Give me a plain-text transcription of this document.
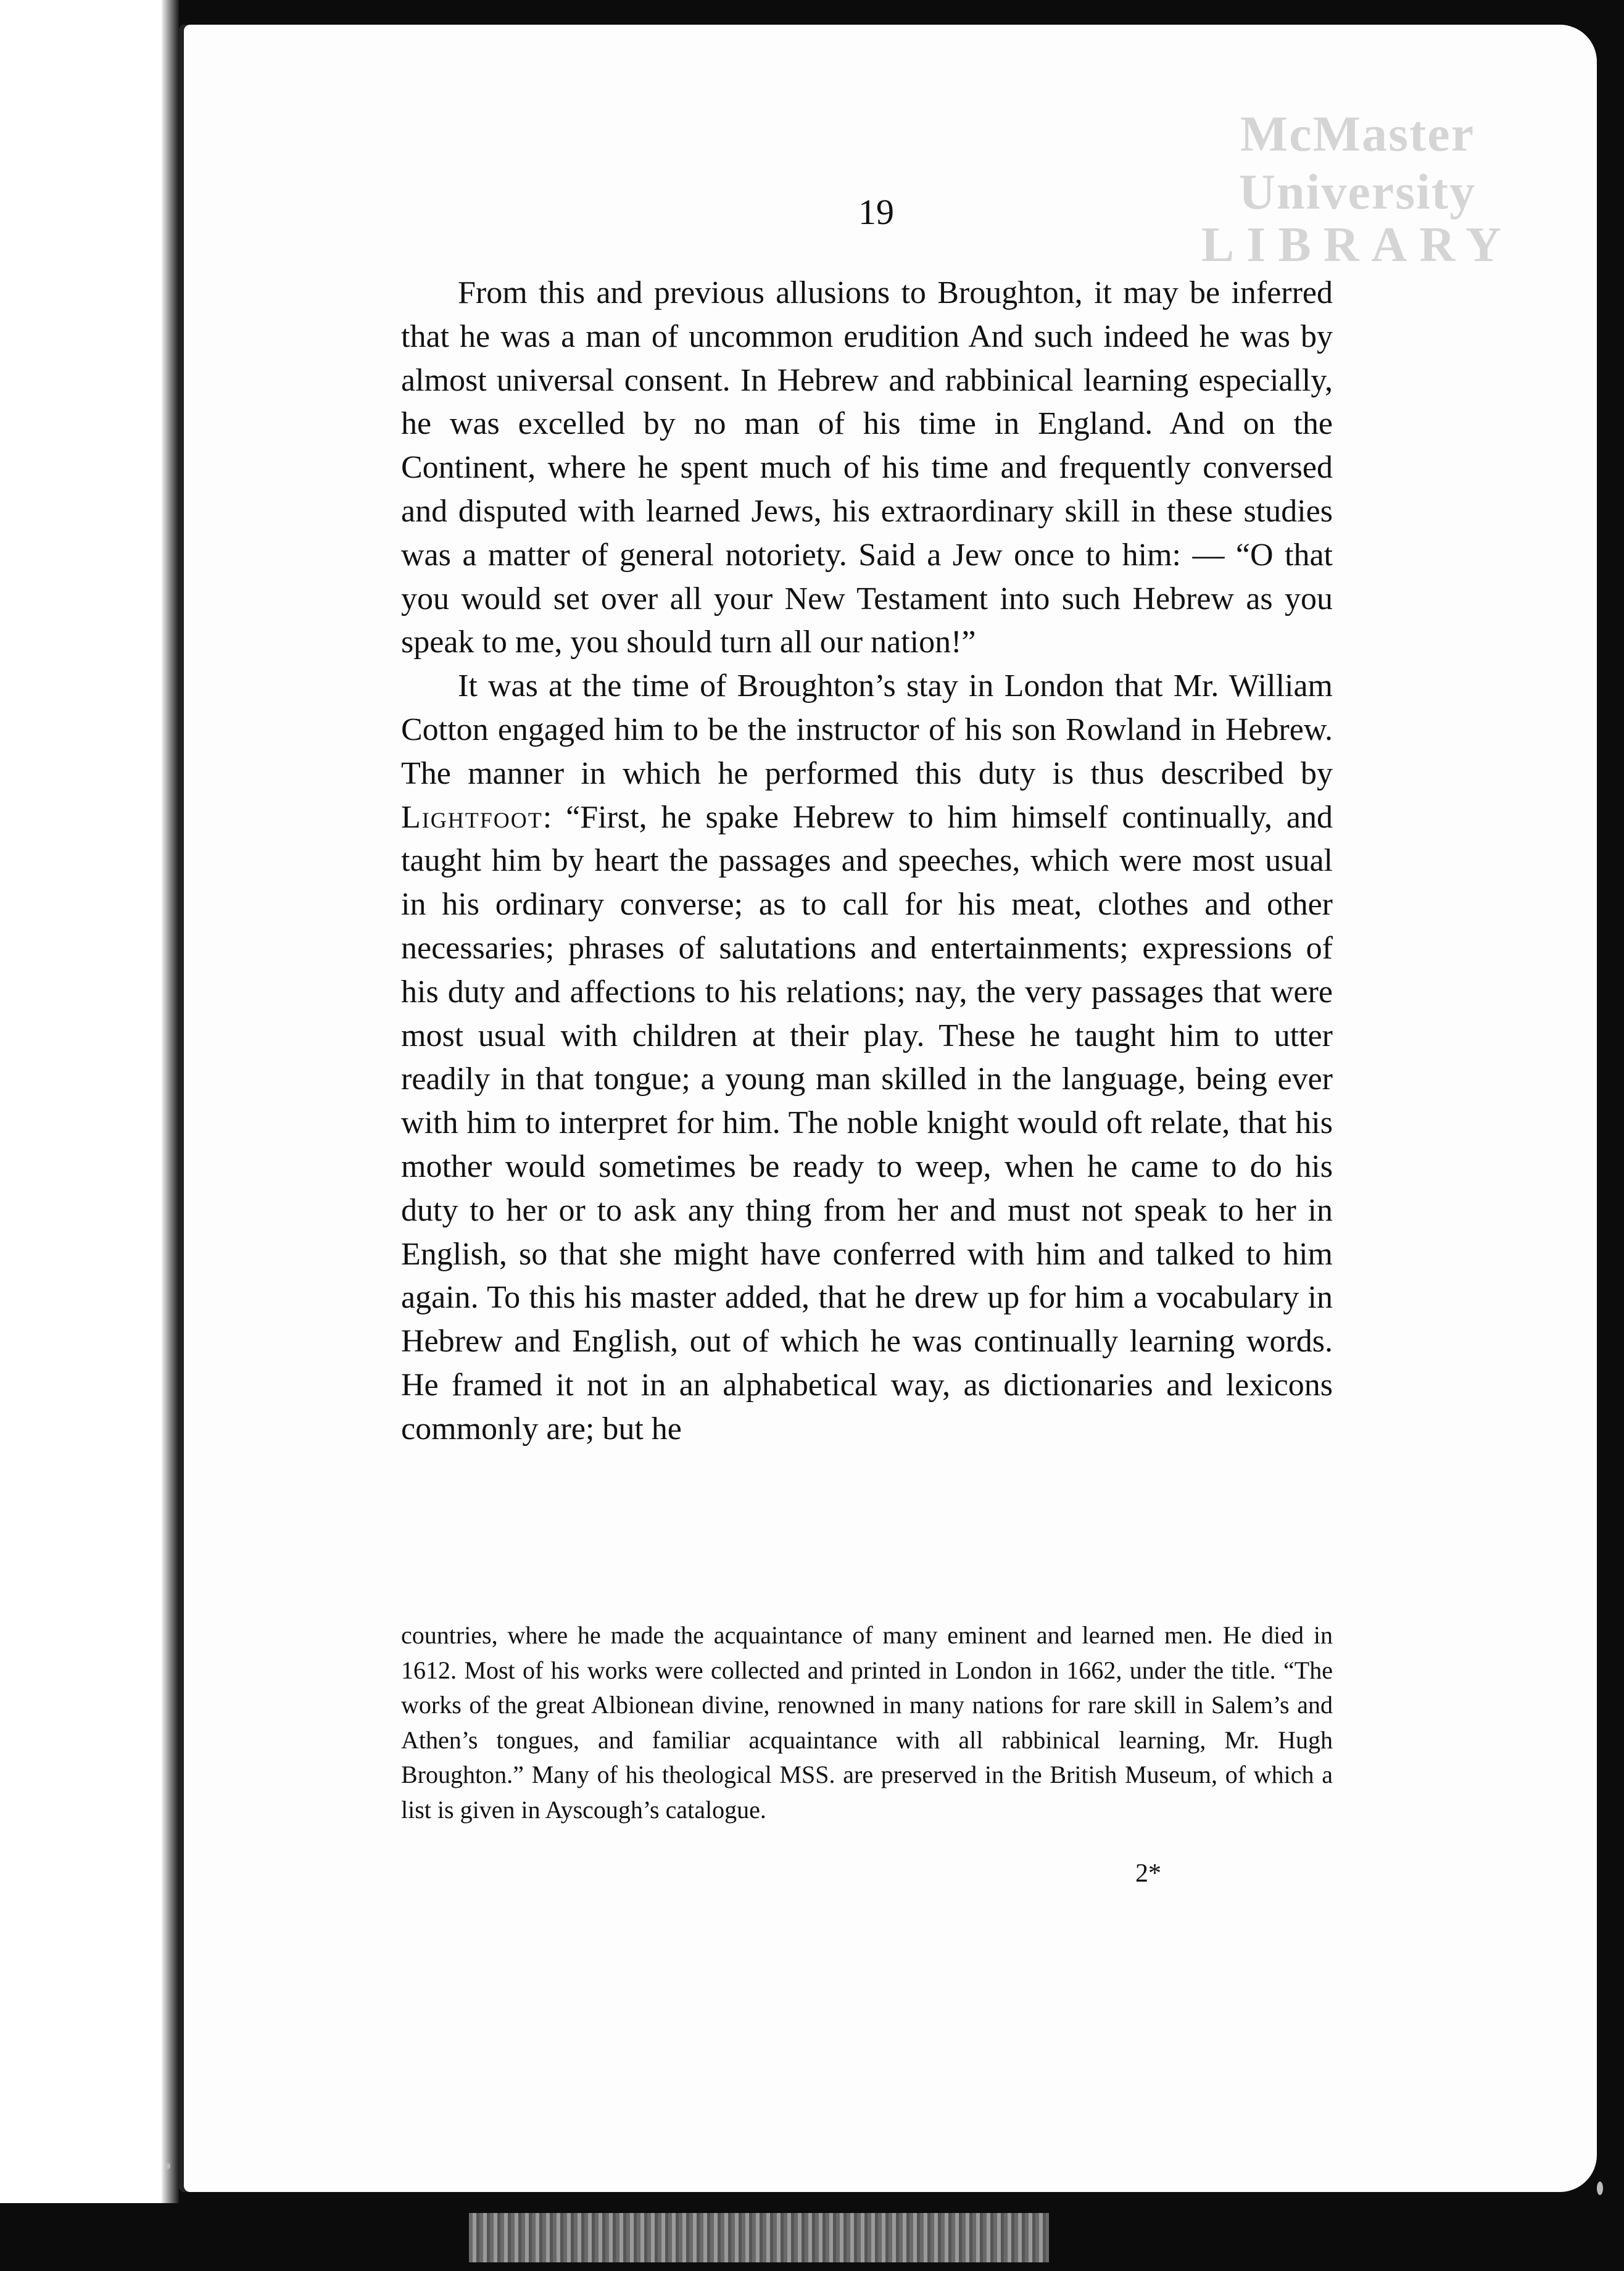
McMaster University
LIBRARY
19

From this and previous allusions to Broughton, it may be inferred that he was a man of uncommon erudition And such indeed he was by almost universal consent. In Hebrew and rabbinical learning especially, he was excelled by no man of his time in England. And on the Continent, where he spent much of his time and frequently conversed and disputed with learned Jews, his extraordinary skill in these studies was a matter of general notoriety. Said a Jew once to him: — “O that you would set over all your New Testament into such Hebrew as you speak to me, you should turn all our nation!”

It was at the time of Broughton’s stay in London that Mr. William Cotton engaged him to be the instructor of his son Rowland in Hebrew. The manner in which he performed this duty is thus described by Lightfoot: “First, he spake Hebrew to him himself continually, and taught him by heart the passages and speeches, which were most usual in his ordinary converse; as to call for his meat, clothes and other necessaries; phrases of salutations and entertainments; expressions of his duty and affections to his relations; nay, the very passages that were most usual with children at their play. These he taught him to utter readily in that tongue; a young man skilled in the language, being ever with him to interpret for him. The noble knight would oft relate, that his mother would sometimes be ready to weep, when he came to do his duty to her or to ask any thing from her and must not speak to her in English, so that she might have conferred with him and talked to him again. To this his master added, that he drew up for him a vocabulary in Hebrew and English, out of which he was continually learning words. He framed it not in an alphabetical way, as dictionaries and lexicons commonly are; but he

countries, where he made the acquaintance of many eminent and learned men. He died in 1612. Most of his works were collected and printed in London in 1662, under the title. “The works of the great Albionean divine, renowned in many nations for rare skill in Salem’s and Athen’s tongues, and familiar acquaintance with all rabbinical learning, Mr. Hugh Broughton.” Many of his theological MSS. are preserved in the British Museum, of which a list is given in Ayscough’s catalogue.
2*
